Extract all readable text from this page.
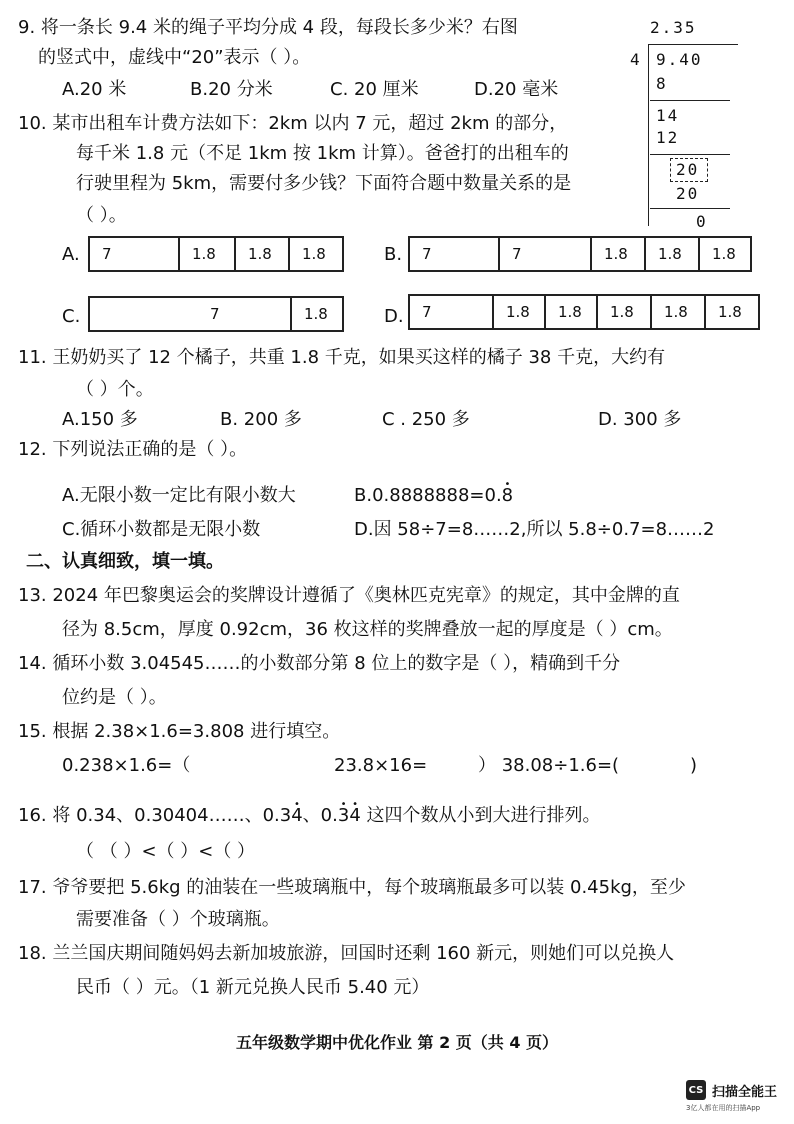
9. 将一条长 9.4 米的绳子平均分成 4 段，每段长多少米？右图
的竖式中，虚线中“20”表示（ ）。
A.20 米	B.20 分米	C. 20 厘米	D.20 毫米
2.35
4 9.40
8
14
12
20
20
0
10. 某市出租车计费方法如下：2km 以内 7 元，超过 2km 的部分，
每千米 1.8 元（不足 1km 按 1km 计算）。爸爸打的出租车的
行驶里程为 5km，需要付多少钱？下面符合题中数量关系的是
（ ）。
A.	7	1.8	1.8	1.8	B.	7	7	1.8	1.8	1.8
C.	7	1.8	D.	7	1.8	1.8	1.8	1.8	1.8
11. 王奶奶买了 12 个橘子，共重 1.8 千克，如果买这样的橘子 38 千克，大约有
（ ）个。
A.150 多	B. 200 多	C . 250 多	D. 300 多
12. 下列说法正确的是（ ）。
A.无限小数一定比有限小数大	B.0.8888888=0.• 8
C.循环小数都是无限小数	D.因 58÷7=8……2,所以 5.8÷0.7=8……2
二、认真细致，填一填。
13. 2024 年巴黎奥运会的奖牌设计遵循了《奥林匹克宪章》的规定，其中金牌的直
径为 8.5cm，厚度 0.92cm，36 枚这样的奖牌叠放一起的厚度是（ ）cm。
14. 循环小数 3.04545……的小数部分第 8 位上的数字是（ ），精确到千分
位约是（ ）。
15. 根据 2.38×1.6=3.808 进行填空。
0.238×1.6=（	23.8×16=	） 38.08÷1.6=(	)
16. 将 0.34、0.30404……、0.3• 4、0.• 3• 4 这四个数从小到大进行排列。
（ （ ）<（ ）<（ ）
17. 爷爷要把 5.6kg 的油装在一些玻璃瓶中，每个玻璃瓶最多可以装 0.45kg，至少
需要准备（ ）个玻璃瓶。
18. 兰兰国庆期间随妈妈去新加坡旅游，回国时还剩 160 新元，则她们可以兑换人
民币（ ）元。（1 新元兑换人民币 5.40 元）
五年级数学期中优化作业 第 2 页（共 4 页）
CS 扫描全能王
3亿人都在用的扫描App
